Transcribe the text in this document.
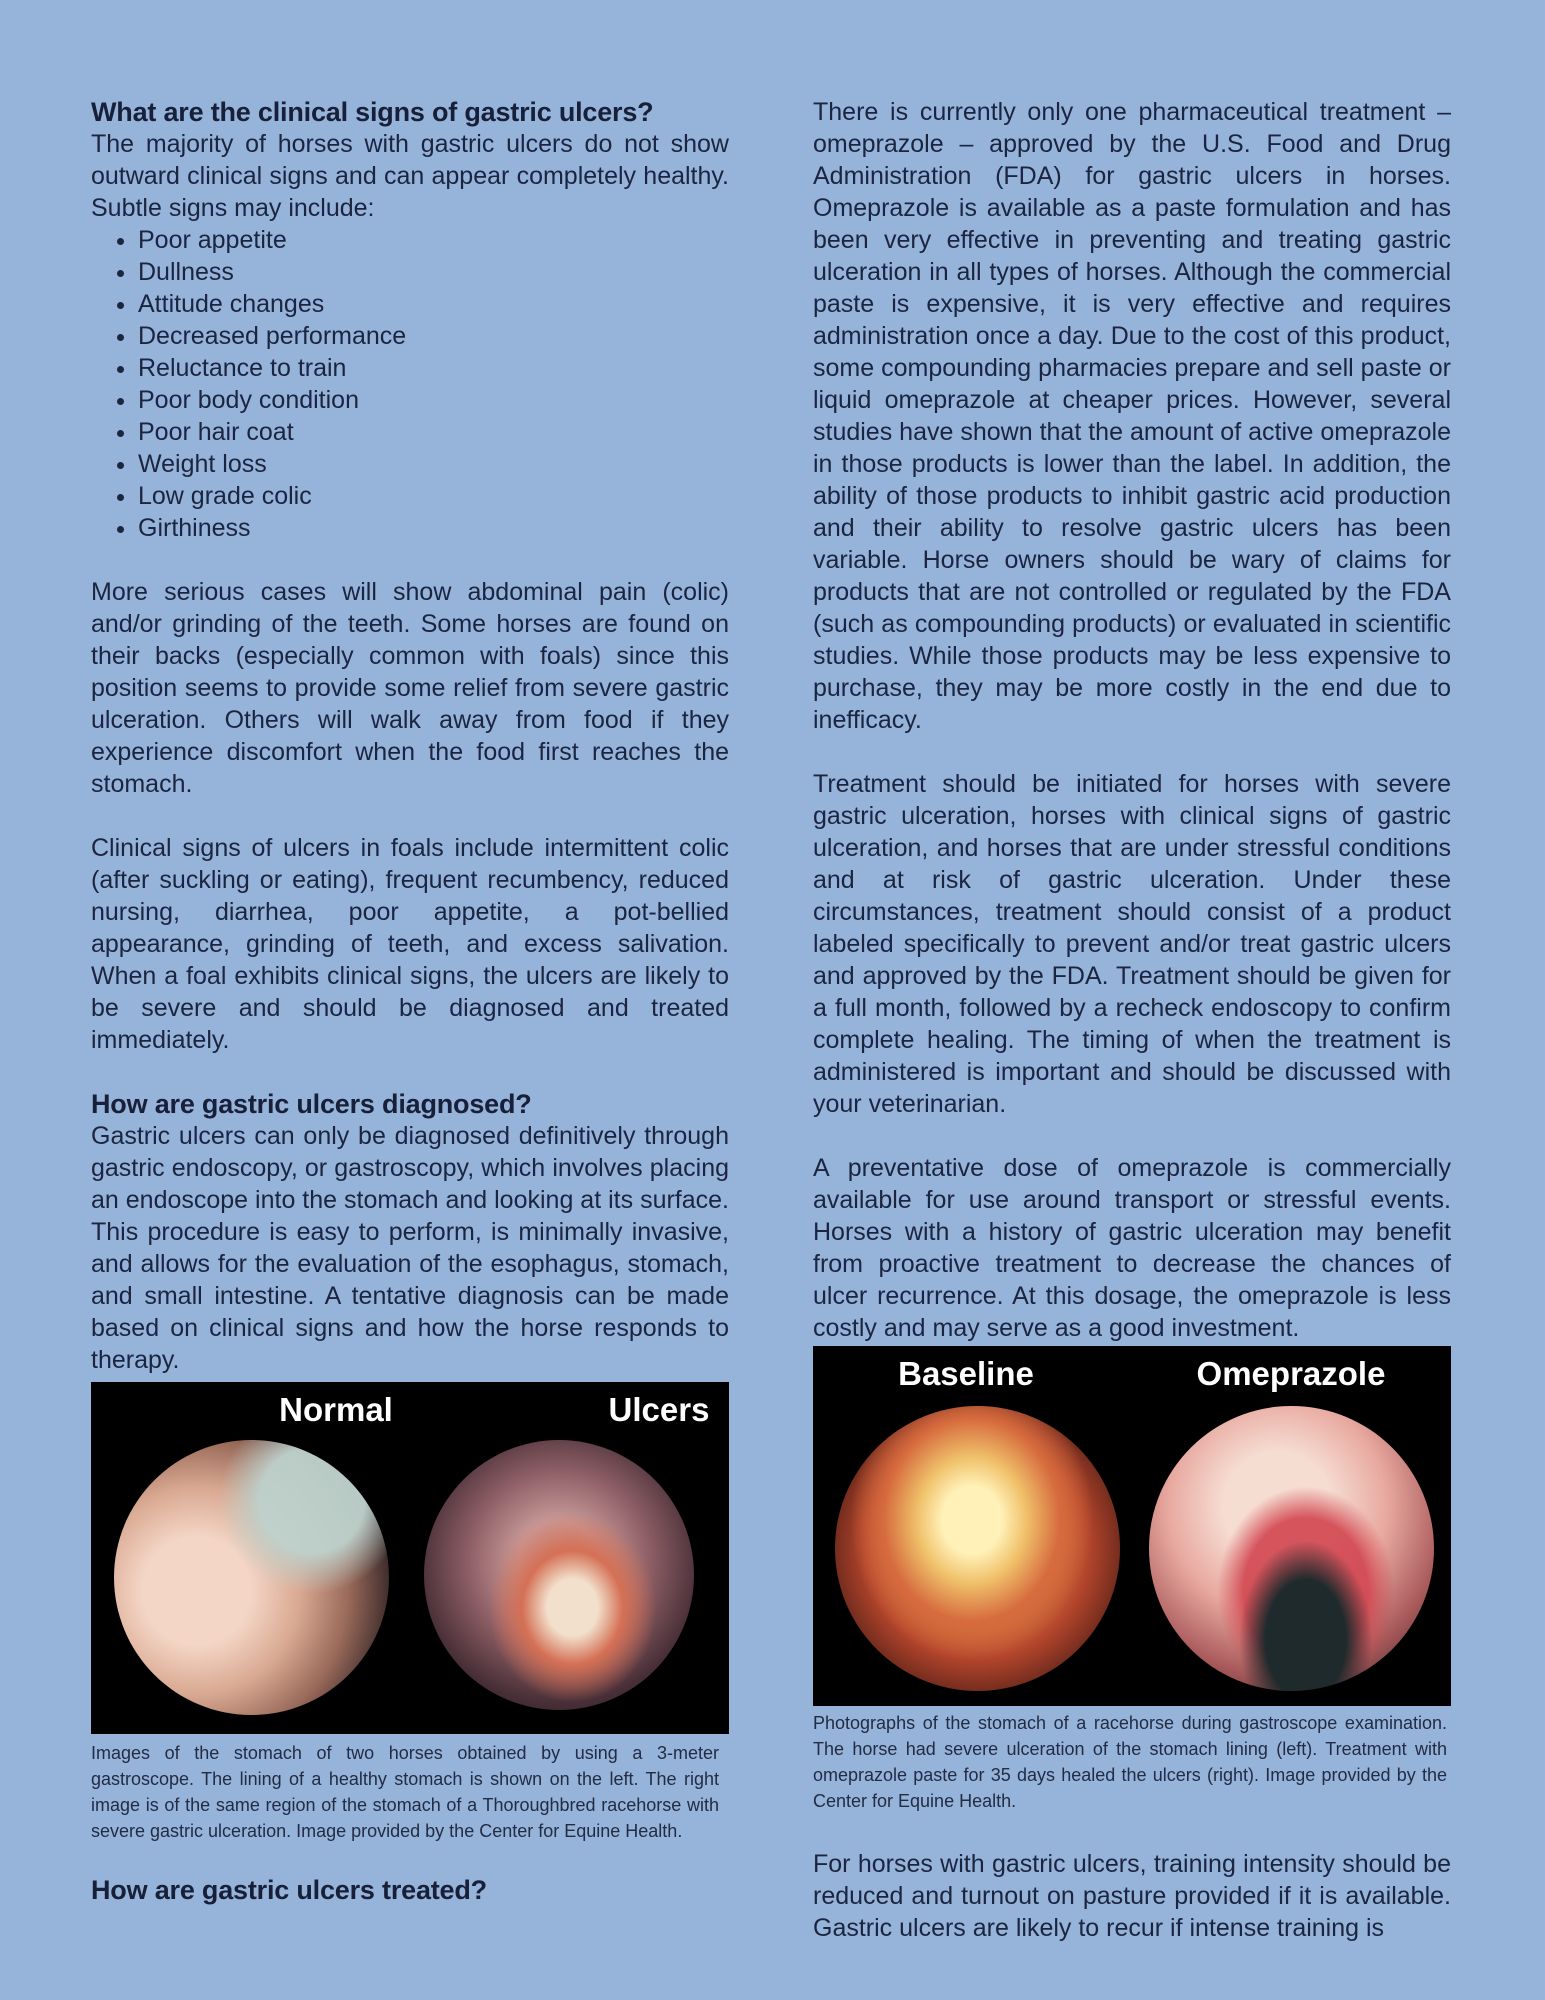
What are the clinical signs of gastric ulcers?

The majority of horses with gastric ulcers do not show outward clinical signs and can appear completely healthy. Subtle signs may include:

• Poor appetite
• Dullness
• Attitude changes
• Decreased performance
• Reluctance to train
• Poor body condition
• Poor hair coat
• Weight loss
• Low grade colic
• Girthiness

More serious cases will show abdominal pain (colic) and/or grinding of the teeth. Some horses are found on their backs (especially common with foals) since this position seems to provide some relief from severe gastric ulceration. Others will walk away from food if they experience discomfort when the food first reaches the stomach.

Clinical signs of ulcers in foals include intermittent colic (after suckling or eating), frequent recumbency, reduced nursing, diarrhea, poor appetite, a pot-bellied appearance, grinding of teeth, and excess salivation. When a foal exhibits clinical signs, the ulcers are likely to be severe and should be diagnosed and treated immediately.

How are gastric ulcers diagnosed?

Gastric ulcers can only be diagnosed definitively through gastric endoscopy, or gastroscopy, which involves placing an endoscope into the stomach and looking at its surface. This procedure is easy to perform, is minimally invasive, and allows for the evaluation of the esophagus, stomach, and small intestine. A tentative diagnosis can be made based on clinical signs and how the horse responds to therapy.

Normal	Ulcers

Images of the stomach of two horses obtained by using a 3-meter gastroscope. The lining of a healthy stomach is shown on the left. The right image is of the same region of the stomach of a Thoroughbred racehorse with severe gastric ulceration. Image provided by the Center for Equine Health.

How are gastric ulcers treated?

There is currently only one pharmaceutical treatment – omeprazole – approved by the U.S. Food and Drug Administration (FDA) for gastric ulcers in horses. Omeprazole is available as a paste formulation and has been very effective in preventing and treating gastric ulceration in all types of horses. Although the commercial paste is expensive, it is very effective and requires administration once a day. Due to the cost of this product, some compounding pharmacies prepare and sell paste or liquid omeprazole at cheaper prices. However, several studies have shown that the amount of active omeprazole in those products is lower than the label. In addition, the ability of those products to inhibit gastric acid production and their ability to resolve gastric ulcers has been variable. Horse owners should be wary of claims for products that are not controlled or regulated by the FDA (such as compounding products) or evaluated in scientific studies. While those products may be less expensive to purchase, they may be more costly in the end due to inefficacy.

Treatment should be initiated for horses with severe gastric ulceration, horses with clinical signs of gastric ulceration, and horses that are under stressful conditions and at risk of gastric ulceration. Under these circumstances, treatment should consist of a product labeled specifically to prevent and/or treat gastric ulcers and approved by the FDA. Treatment should be given for a full month, followed by a recheck endoscopy to confirm complete healing. The timing of when the treatment is administered is important and should be discussed with your veterinarian.

A preventative dose of omeprazole is commercially available for use around transport or stressful events. Horses with a history of gastric ulceration may benefit from proactive treatment to decrease the chances of ulcer recurrence. At this dosage, the omeprazole is less costly and may serve as a good investment.

Baseline	Omeprazole

Photographs of the stomach of a racehorse during gastroscope examination. The horse had severe ulceration of the stomach lining (left). Treatment with omeprazole paste for 35 days healed the ulcers (right). Image provided by the Center for Equine Health.

For horses with gastric ulcers, training intensity should be reduced and turnout on pasture provided if it is available. Gastric ulcers are likely to recur if intense training is
